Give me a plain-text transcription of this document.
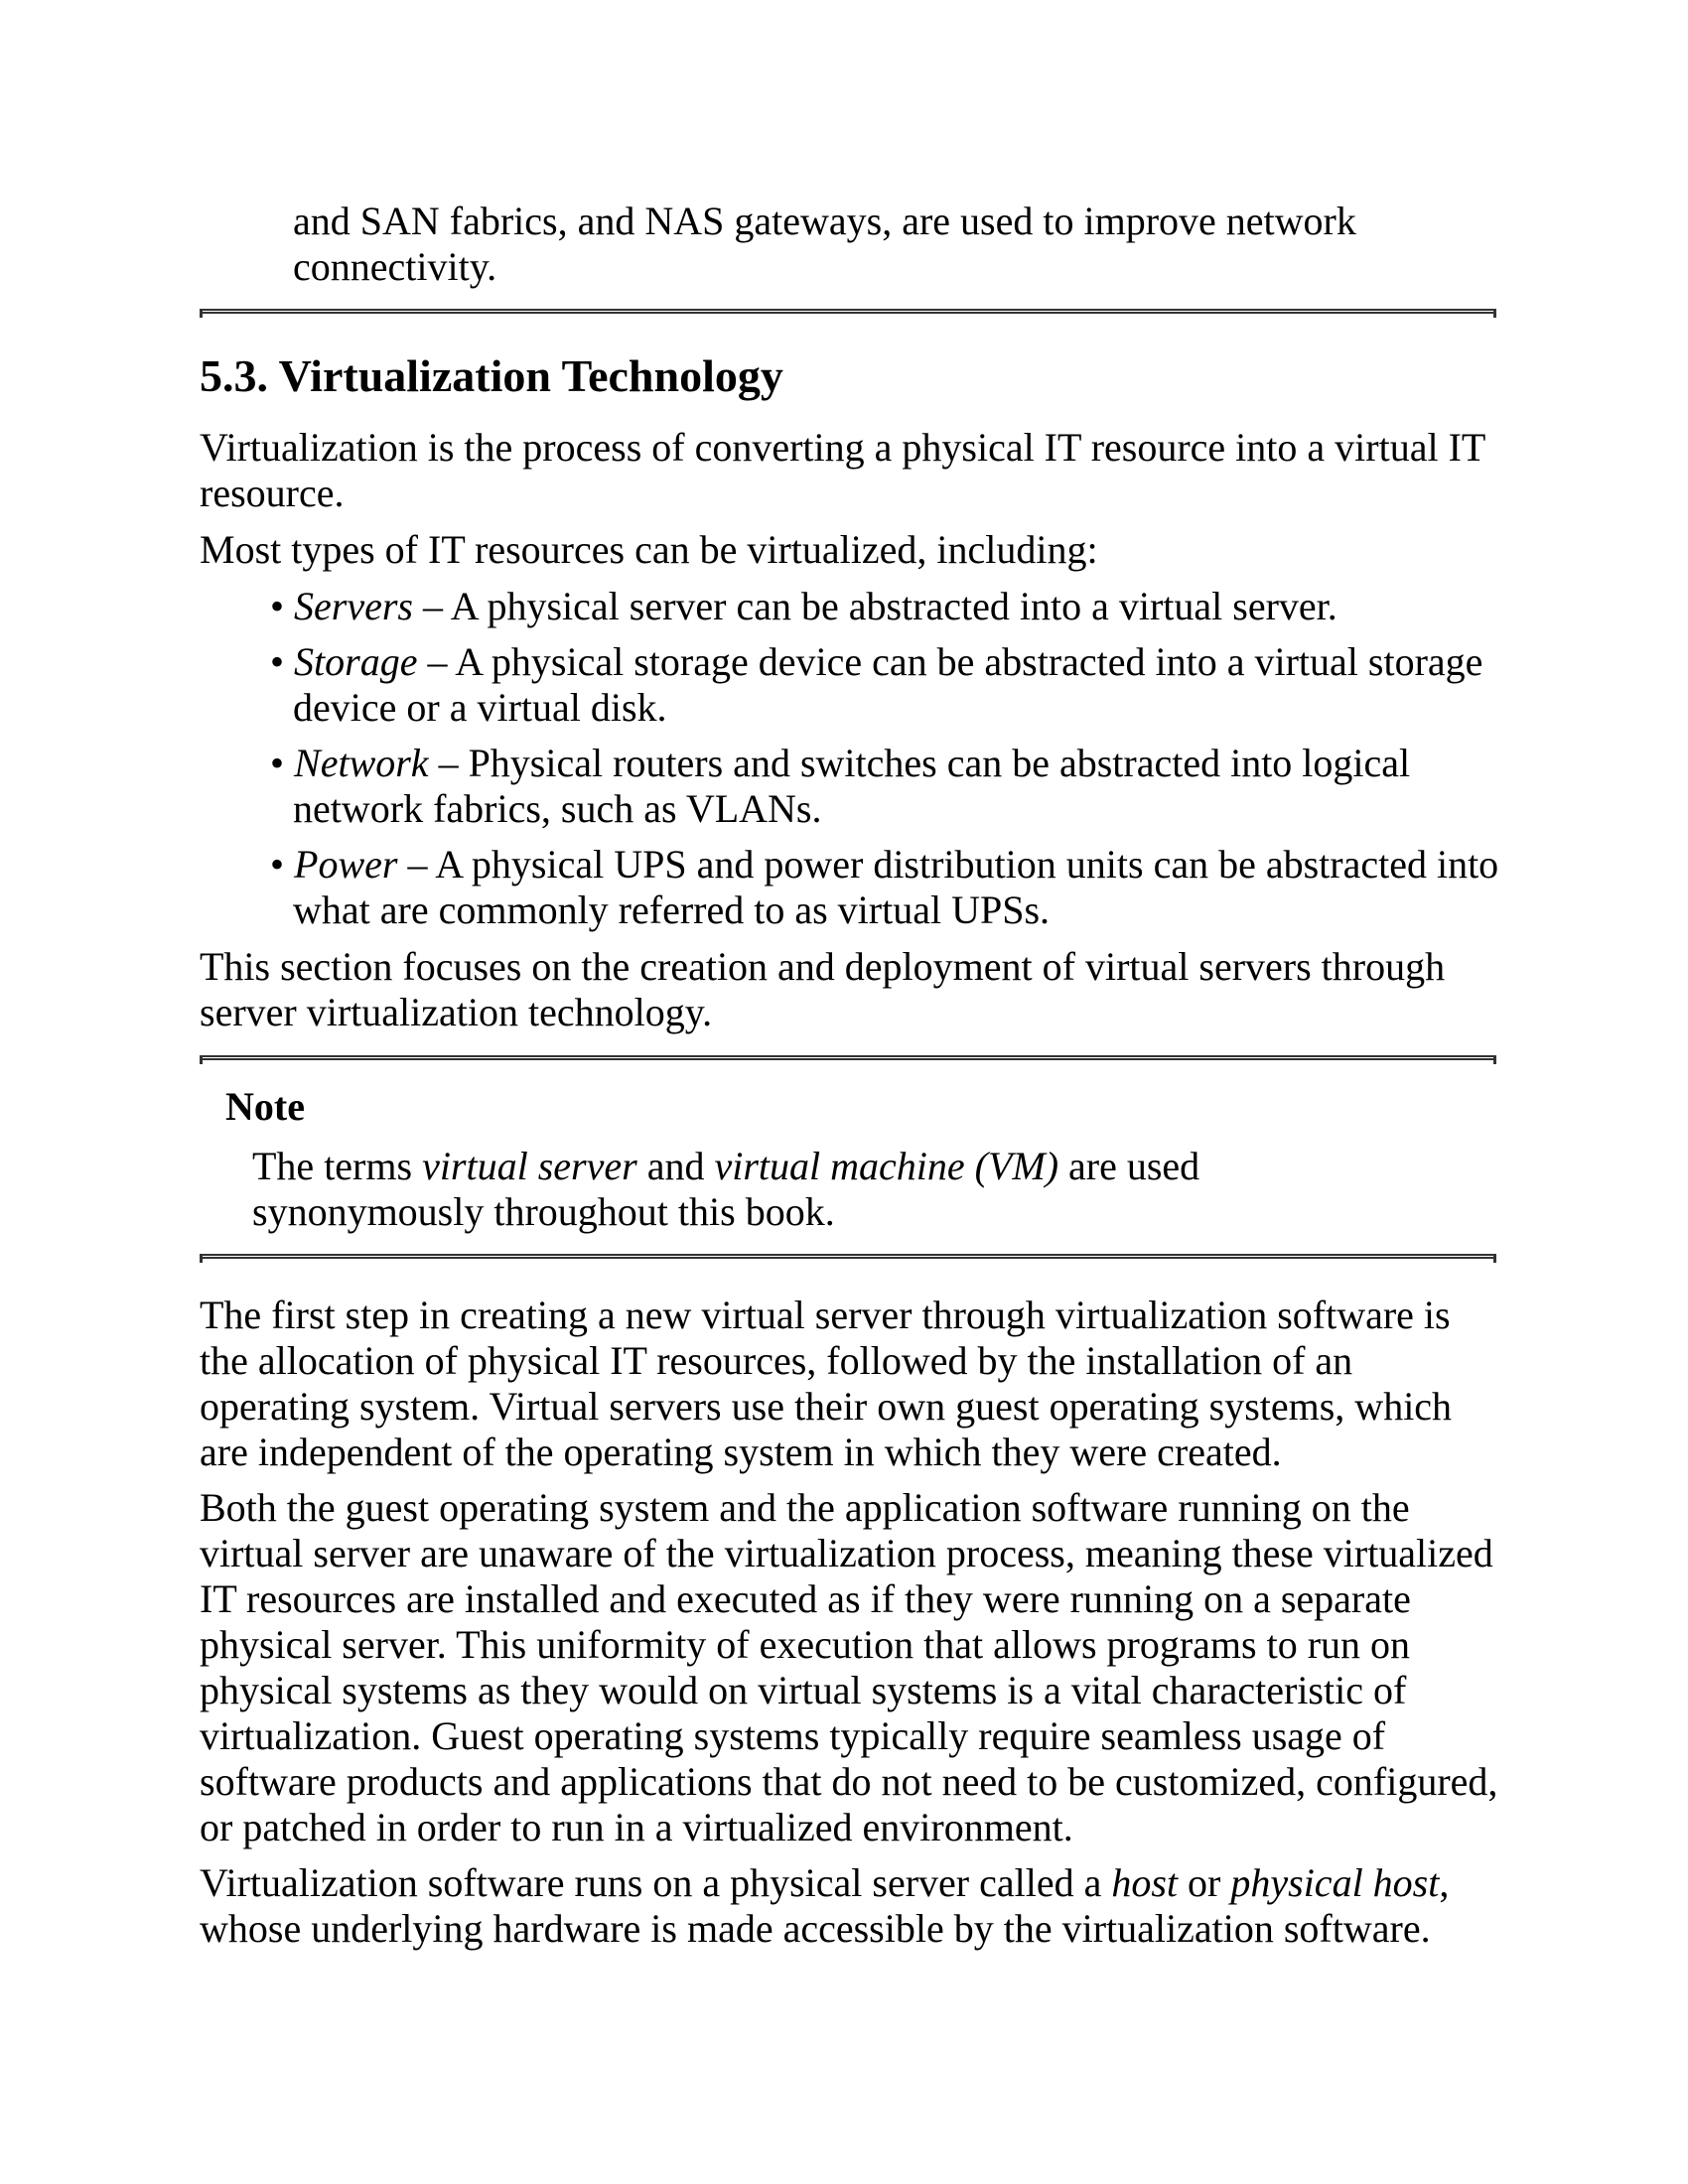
and SAN fabrics, and NAS gateways, are used to improve network connectivity.
5.3. Virtualization Technology
Virtualization is the process of converting a physical IT resource into a virtual IT resource.
Most types of IT resources can be virtualized, including:
• Servers – A physical server can be abstracted into a virtual server.
• Storage – A physical storage device can be abstracted into a virtual storage device or a virtual disk.
• Network – Physical routers and switches can be abstracted into logical network fabrics, such as VLANs.
• Power – A physical UPS and power distribution units can be abstracted into what are commonly referred to as virtual UPSs.
This section focuses on the creation and deployment of virtual servers through server virtualization technology.
Note
The terms virtual server and virtual machine (VM) are used synonymously throughout this book.
The first step in creating a new virtual server through virtualization software is the allocation of physical IT resources, followed by the installation of an operating system. Virtual servers use their own guest operating systems, which are independent of the operating system in which they were created.
Both the guest operating system and the application software running on the virtual server are unaware of the virtualization process, meaning these virtualized IT resources are installed and executed as if they were running on a separate physical server. This uniformity of execution that allows programs to run on physical systems as they would on virtual systems is a vital characteristic of virtualization. Guest operating systems typically require seamless usage of software products and applications that do not need to be customized, configured, or patched in order to run in a virtualized environment.
Virtualization software runs on a physical server called a host or physical host, whose underlying hardware is made accessible by the virtualization software.
